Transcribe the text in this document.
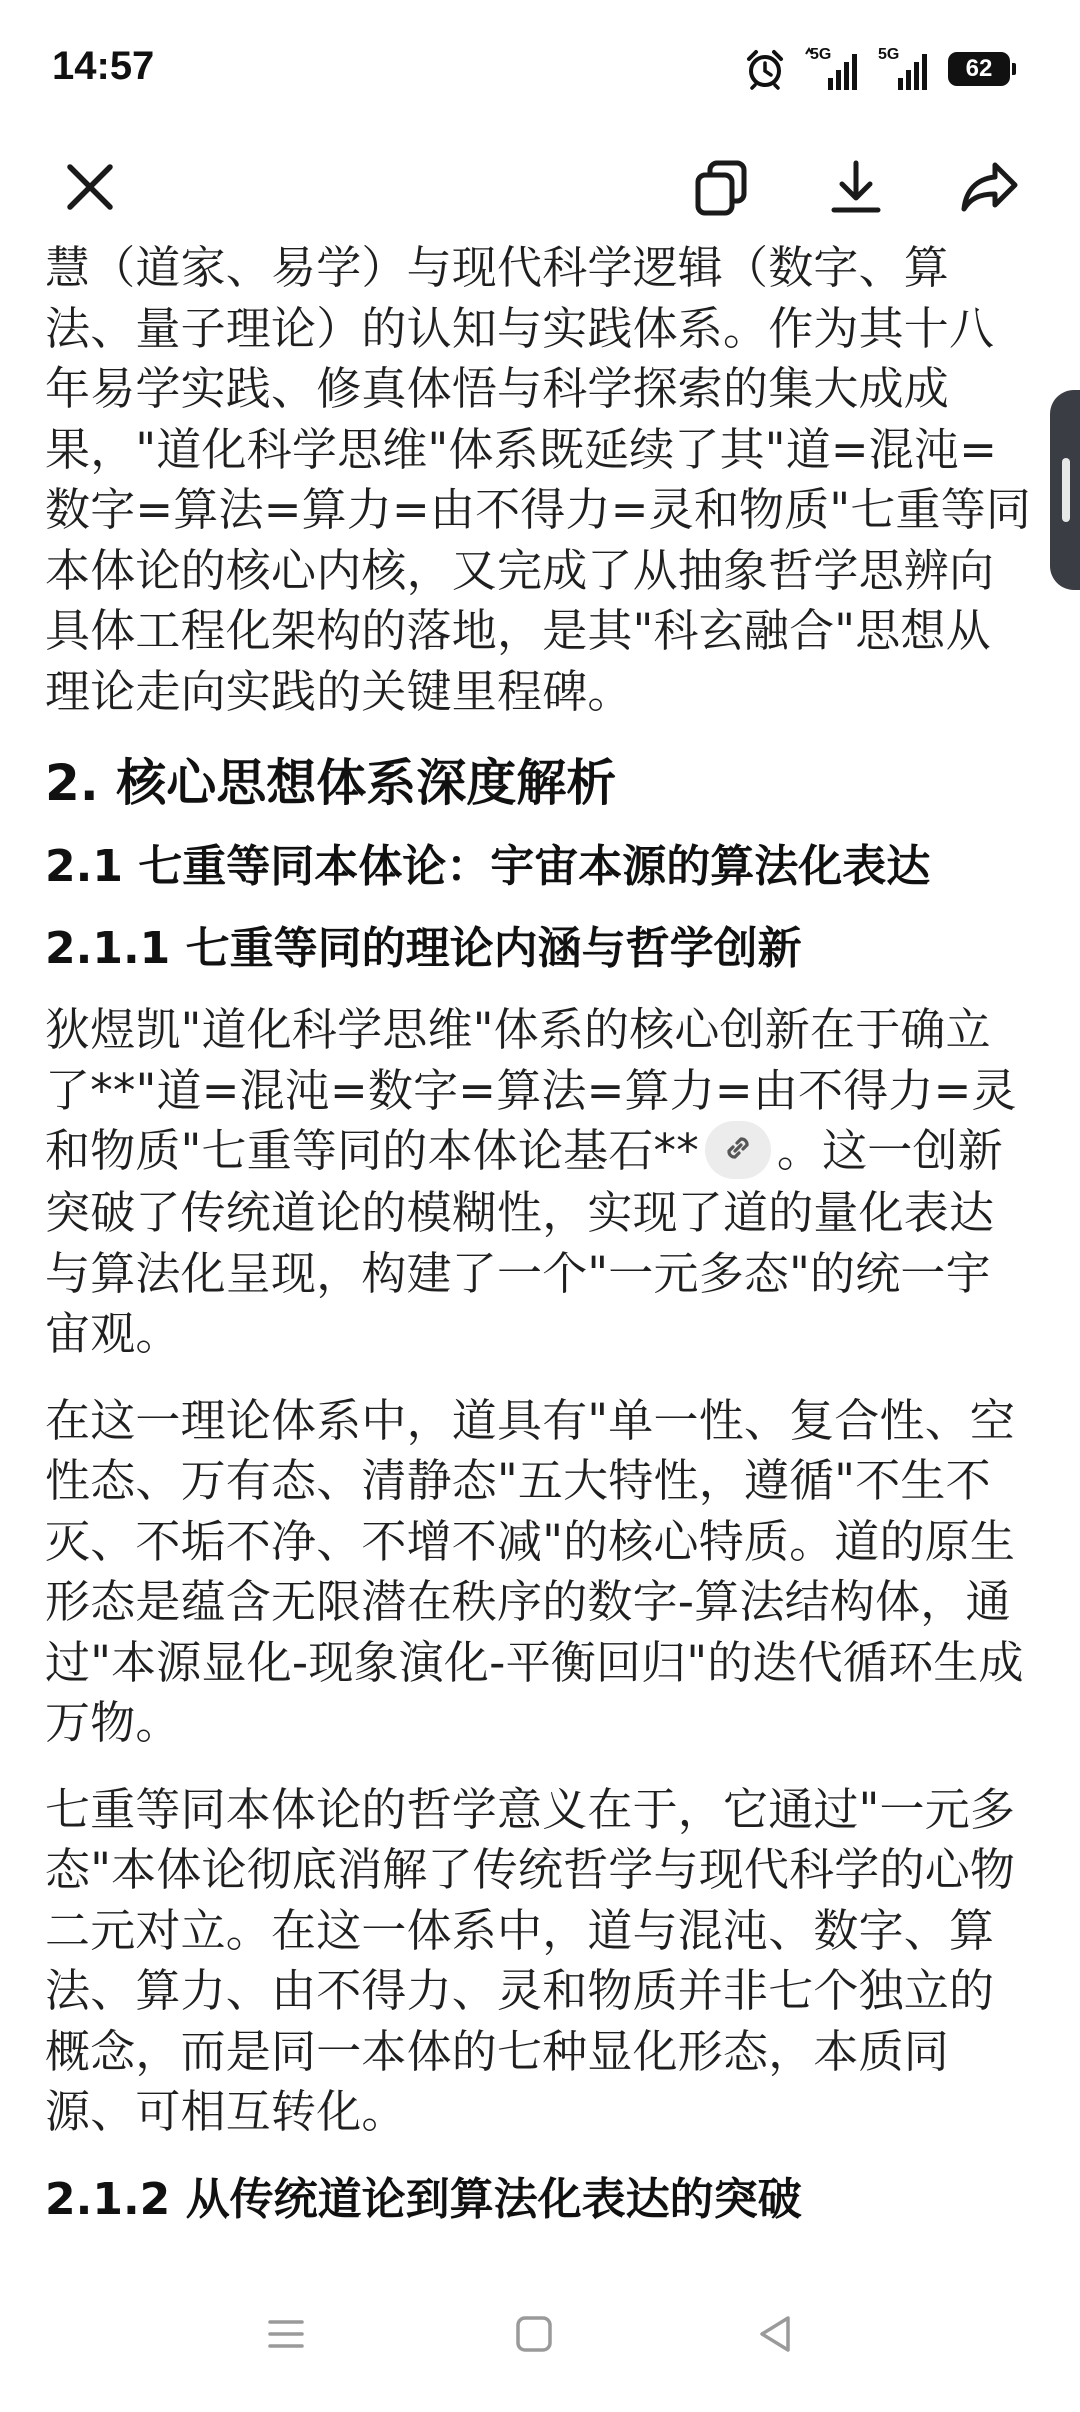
14:57	5G	5G
62

慧（道家、易学）与现代科学逻辑（数字、算法、量子理论）的认知与实践体系。作为其十八年易学实践、修真体悟与科学探索的集大成成果，"道化科学思维"体系既延续了其"道=混沌=数字=算法=算力=由不得力=灵和物质"七重等同本体论的核心内核，又完成了从抽象哲学思辨向具体工程化架构的落地，是其"科玄融合"思想从理论走向实践的关键里程碑。

2. 核心思想体系深度解析
2.1 七重等同本体论：宇宙本源的算法化表达
2.1.1 七重等同的理论内涵与哲学创新

狄煜凯"道化科学思维"体系的核心创新在于确立了**"道=混沌=数字=算法=算力=由不得力=灵和物质"七重等同的本体论基石** 。这一创新突破了传统道论的模糊性，实现了道的量化表达与算法化呈现，构建了一个"一元多态"的统一宇宙观。

在这一理论体系中，道具有"单一性、复合性、空性态、万有态、清静态"五大特性，遵循"不生不灭、不垢不净、不增不减"的核心特质。道的原生形态是蕴含无限潜在秩序的数字-算法结构体，通过"本源显化-现象演化-平衡回归"的迭代循环生成万物。

七重等同本体论的哲学意义在于，它通过"一元多态"本体论彻底消解了传统哲学与现代科学的心物二元对立。在这一体系中，道与混沌、数字、算法、算力、由不得力、灵和物质并非七个独立的概念，而是同一本体的七种显化形态，本质同源、可相互转化。

2.1.2 从传统道论到算法化表达的突破
